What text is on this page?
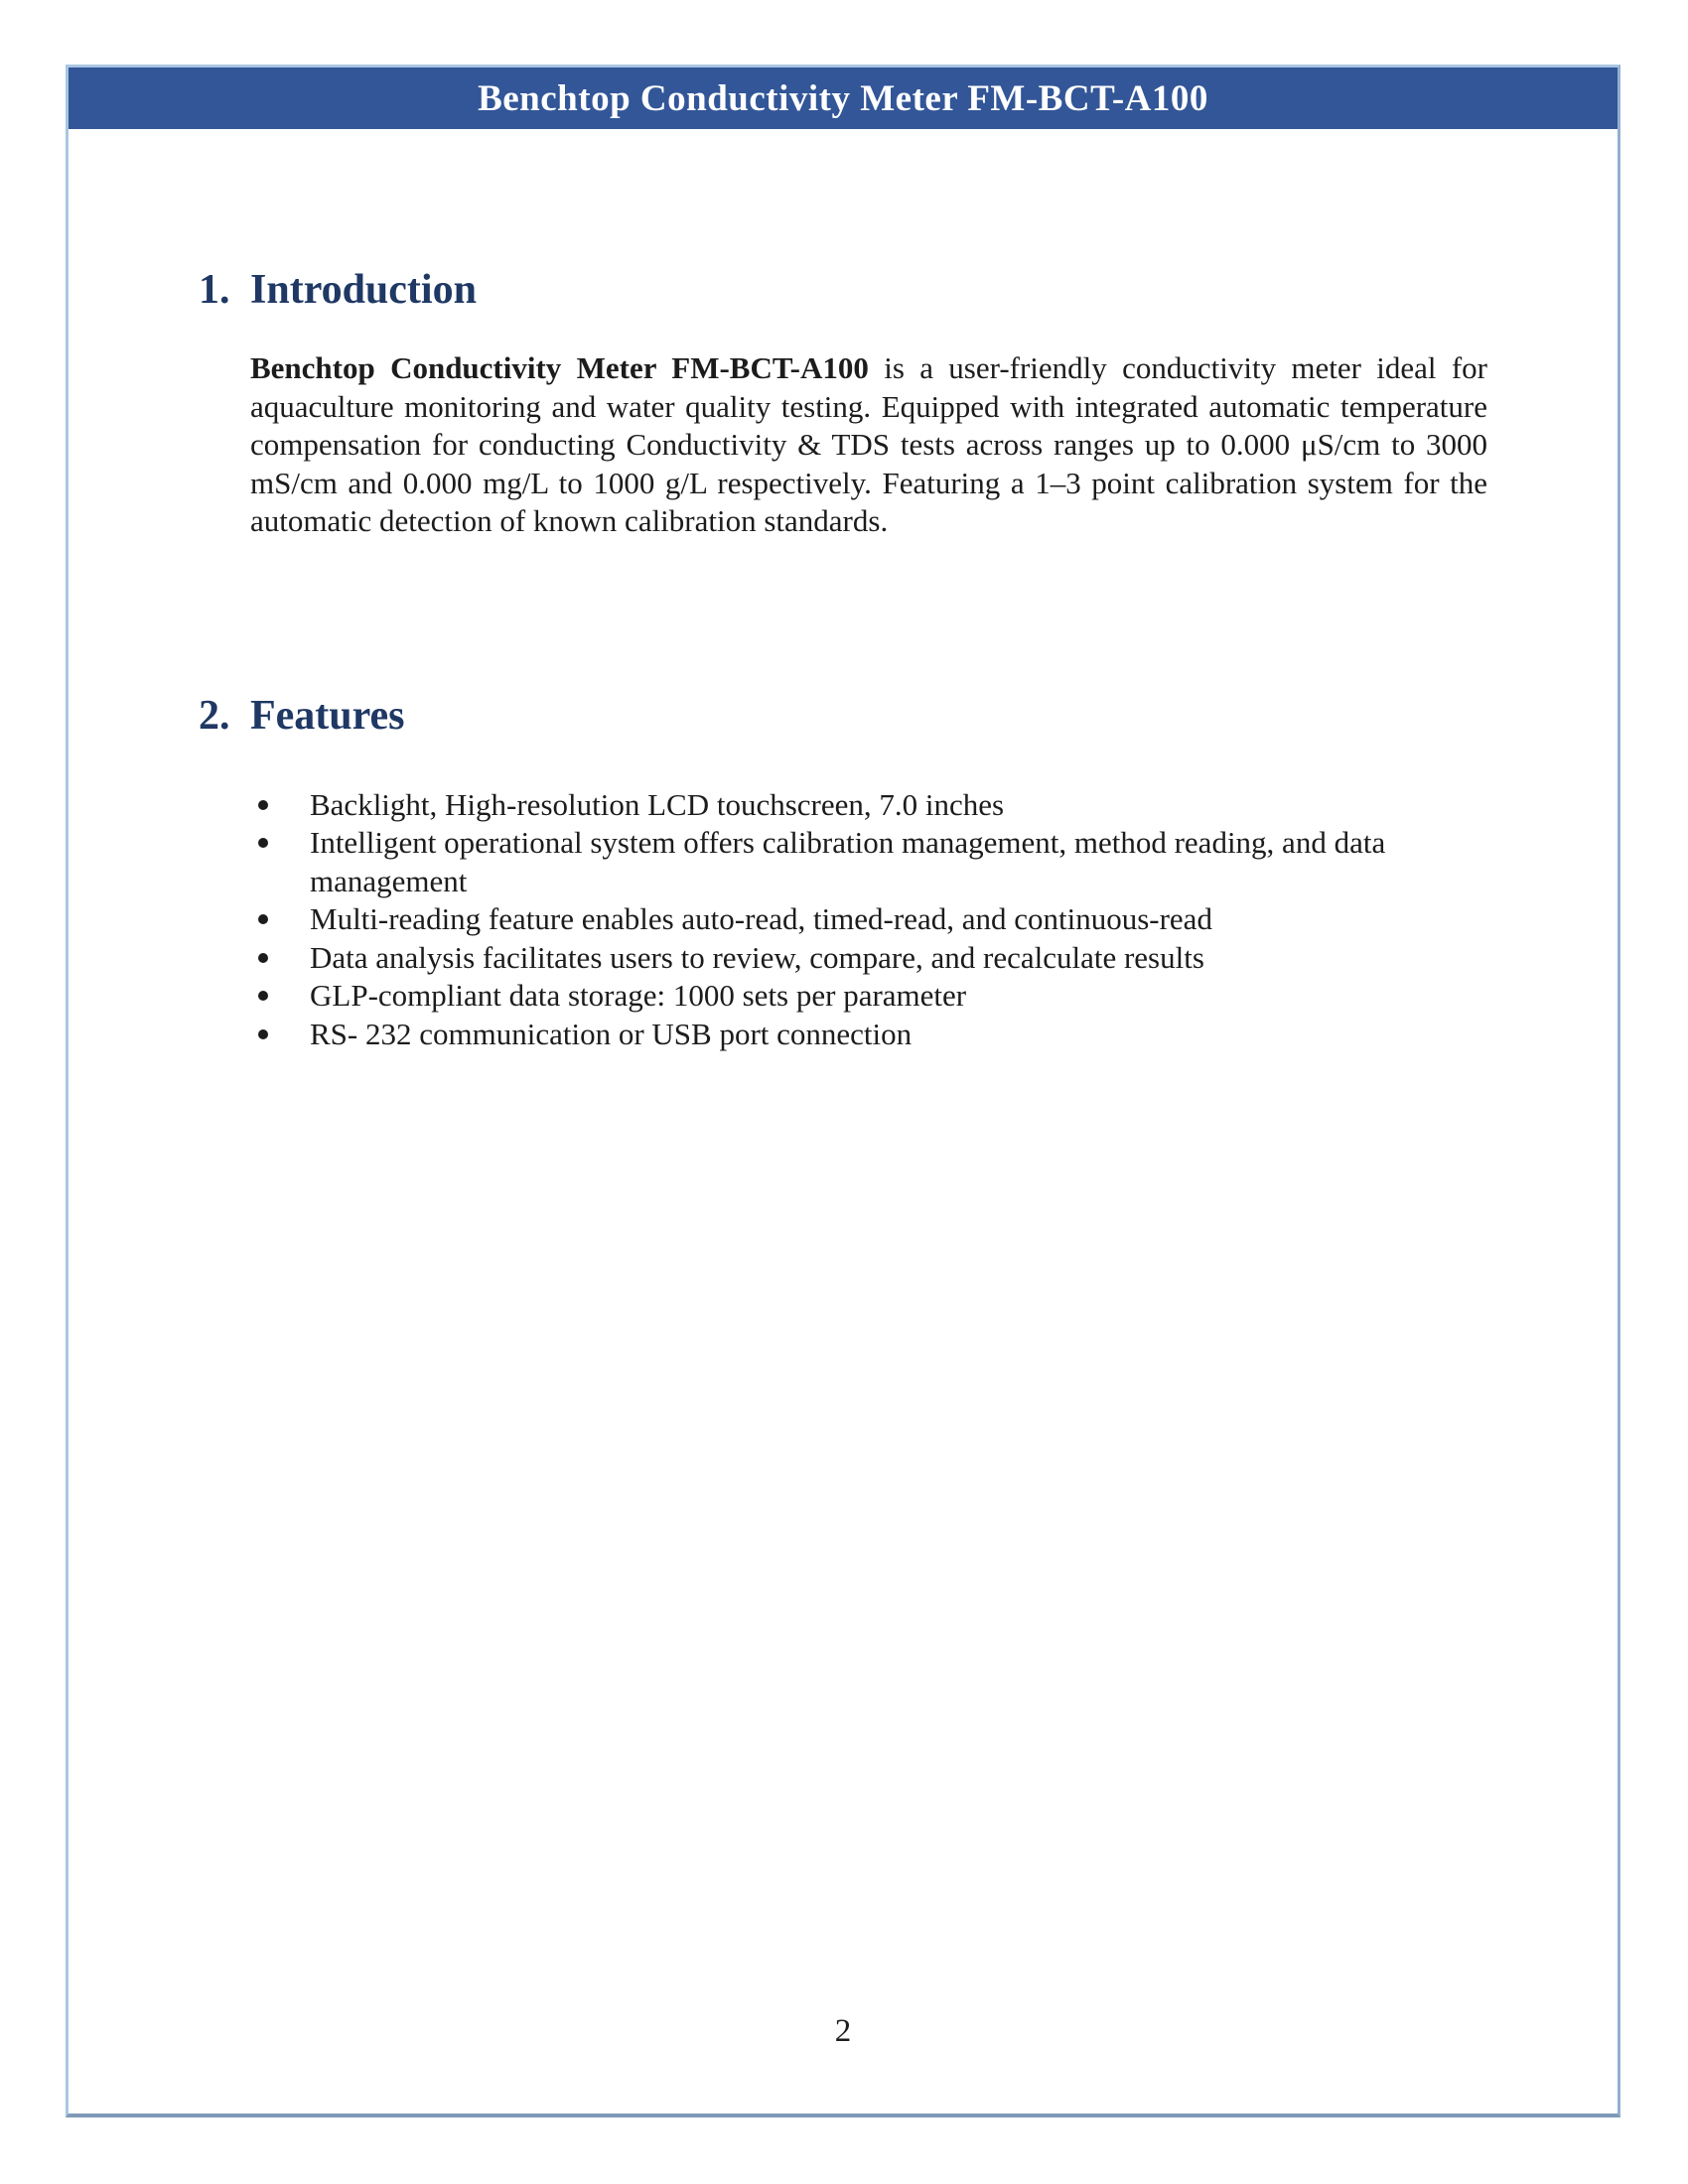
Benchtop Conductivity Meter FM-BCT-A100
1. Introduction

Benchtop Conductivity Meter FM-BCT-A100 is a user-friendly conductivity meter ideal for aquaculture monitoring and water quality testing. Equipped with integrated automatic temperature compensation for conducting Conductivity & TDS tests across ranges up to 0.000 μS/cm to 3000 mS/cm and 0.000 mg/L to 1000 g/L respectively. Featuring a 1–3 point calibration system for the automatic detection of known calibration standards.

2. Features
Backlight, High-resolution LCD touchscreen, 7.0 inches
Intelligent operational system offers calibration management, method reading, and data management
Multi-reading feature enables auto-read, timed-read, and continuous-read
Data analysis facilitates users to review, compare, and recalculate results
GLP-compliant data storage: 1000 sets per parameter
RS- 232 communication or USB port connection
2
